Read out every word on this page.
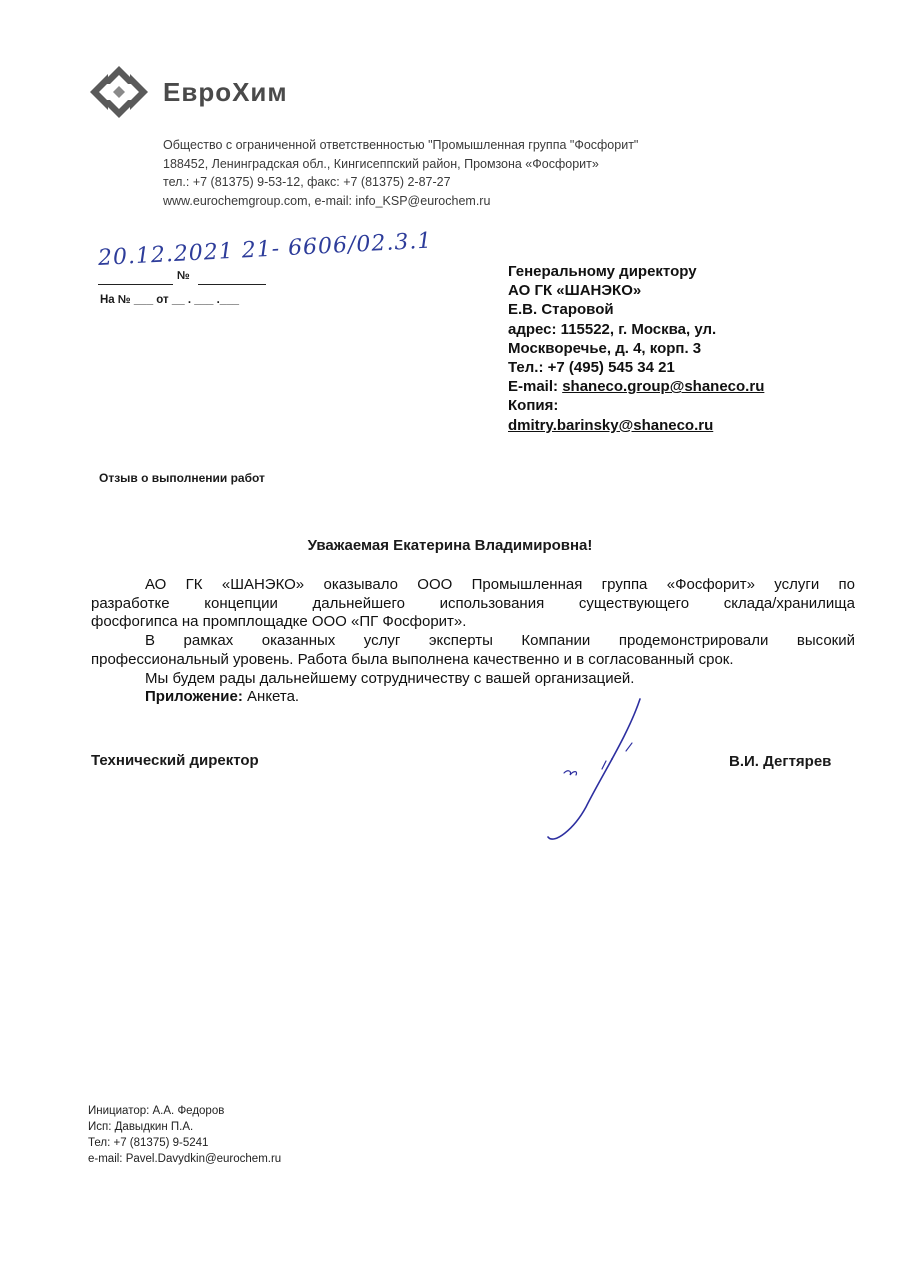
ЕвроХим
Общество с ограниченной ответственностью "Промышленная группа "Фосфорит"
188452, Ленинградская обл., Кингисеппский район, Промзона «Фосфорит»
тел.: +7 (81375) 9-53-12, факс: +7 (81375) 2-87-27
www.eurochemgroup.com, e-mail: info_KSP@eurochem.ru
20.12.2021 21- 6606/02.3.1
№
На № ___ от __ . ___ .___
Генеральному директору
АО ГК «ШАНЭКО»
Е.В. Старовой
адрес: 115522, г. Москва, ул.
Москворечье, д. 4, корп. 3
Тел.: +7 (495) 545 34 21
E-mail: shaneco.group@shaneco.ru
Копия:
dmitry.barinsky@shaneco.ru
Отзыв о выполнении работ
Уважаемая Екатерина Владимировна!

АО ГК «ШАНЭКО» оказывало ООО Промышленная группа «Фосфорит» услуги по

разработке концепции дальнейшего использования существующего склада/хранилища

фосфогипса на промплощадке ООО «ПГ Фосфорит».

В рамках оказанных услуг эксперты Компании продемонстрировали высокий

профессиональный уровень. Работа была выполнена качественно и в согласованный срок.

Мы будем рады дальнейшему сотрудничеству с вашей организацией.

Приложение: Анкета.

Технический директор	В.И. Дегтярев
Инициатор: А.А. Федоров
Исп: Давыдкин П.А.
Тел: +7 (81375) 9-5241
e-mail: Pavel.Davydkin@eurochem.ru
